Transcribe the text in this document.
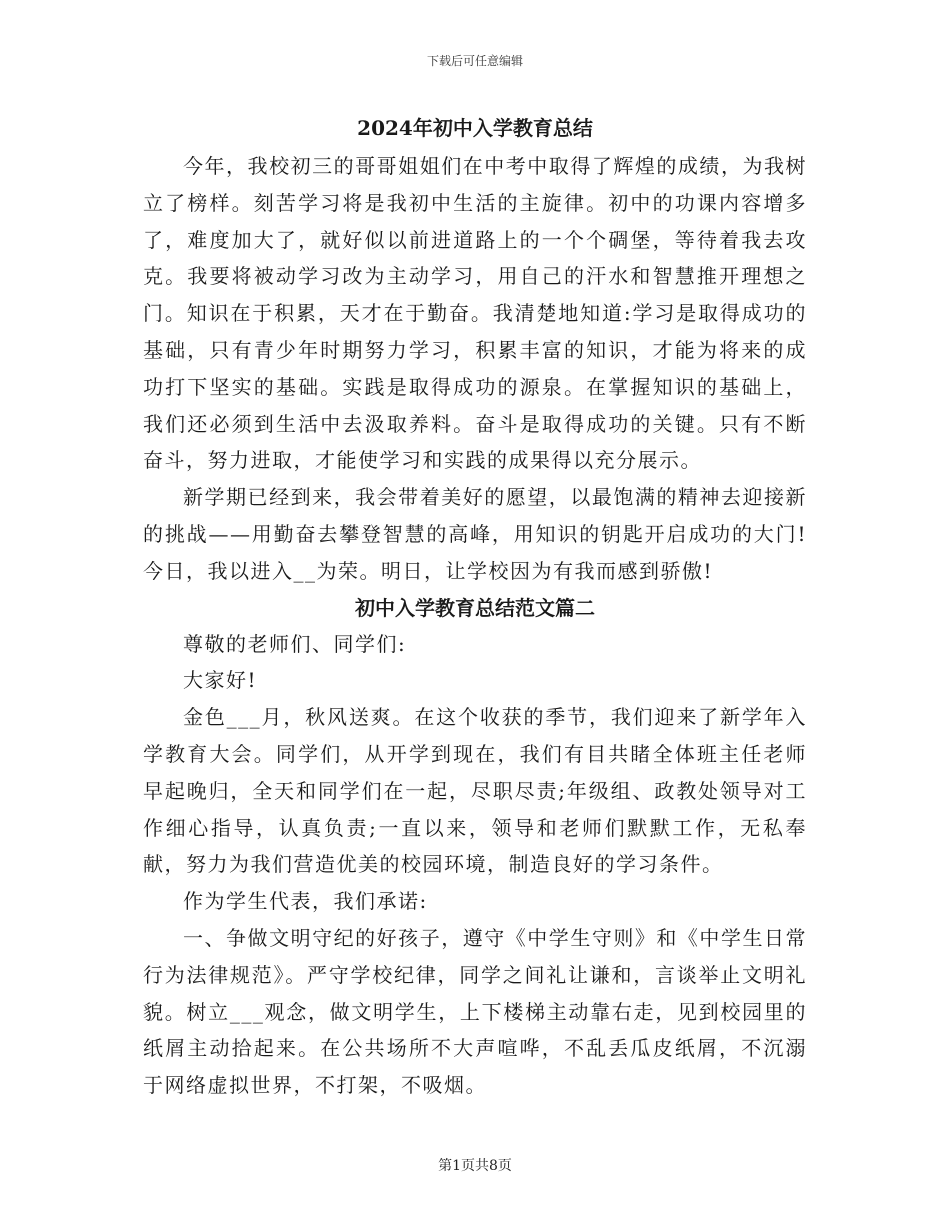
下载后可任意编辑
2024年初中入学教育总结

今年，我校初三的哥哥姐姐们在中考中取得了辉煌的成绩，为我树立了榜样。刻苦学习将是我初中生活的主旋律。初中的功课内容增多了，难度加大了，就好似以前进道路上的一个个碉堡，等待着我去攻克。我要将被动学习改为主动学习，用自己的汗水和智慧推开理想之门。知识在于积累，天才在于勤奋。我清楚地知道:学习是取得成功的基础，只有青少年时期努力学习，积累丰富的知识，才能为将来的成功打下坚实的基础。实践是取得成功的源泉。在掌握知识的基础上，我们还必须到生活中去汲取养料。奋斗是取得成功的关键。只有不断奋斗，努力进取，才能使学习和实践的成果得以充分展示。

新学期已经到来，我会带着美好的愿望，以最饱满的精神去迎接新的挑战——用勤奋去攀登智慧的高峰，用知识的钥匙开启成功的大门!今日，我以进入__为荣。明日，让学校因为有我而感到骄傲!

初中入学教育总结范文篇二

尊敬的老师们、同学们:

大家好!

金色___月，秋风送爽。在这个收获的季节，我们迎来了新学年入学教育大会。同学们，从开学到现在，我们有目共睹全体班主任老师早起晚归，全天和同学们在一起，尽职尽责;年级组、政教处领导对工作细心指导，认真负责;一直以来，领导和老师们默默工作，无私奉献，努力为我们营造优美的校园环境，制造良好的学习条件。

作为学生代表，我们承诺:

一、争做文明守纪的好孩子，遵守《中学生守则》和《中学生日常行为法律规范》。严守学校纪律，同学之间礼让谦和，言谈举止文明礼貌。树立___观念，做文明学生，上下楼梯主动靠右走，见到校园里的纸屑主动拾起来。在公共场所不大声喧哗，不乱丢瓜皮纸屑，不沉溺于网络虚拟世界，不打架，不吸烟。

第1页共8页
